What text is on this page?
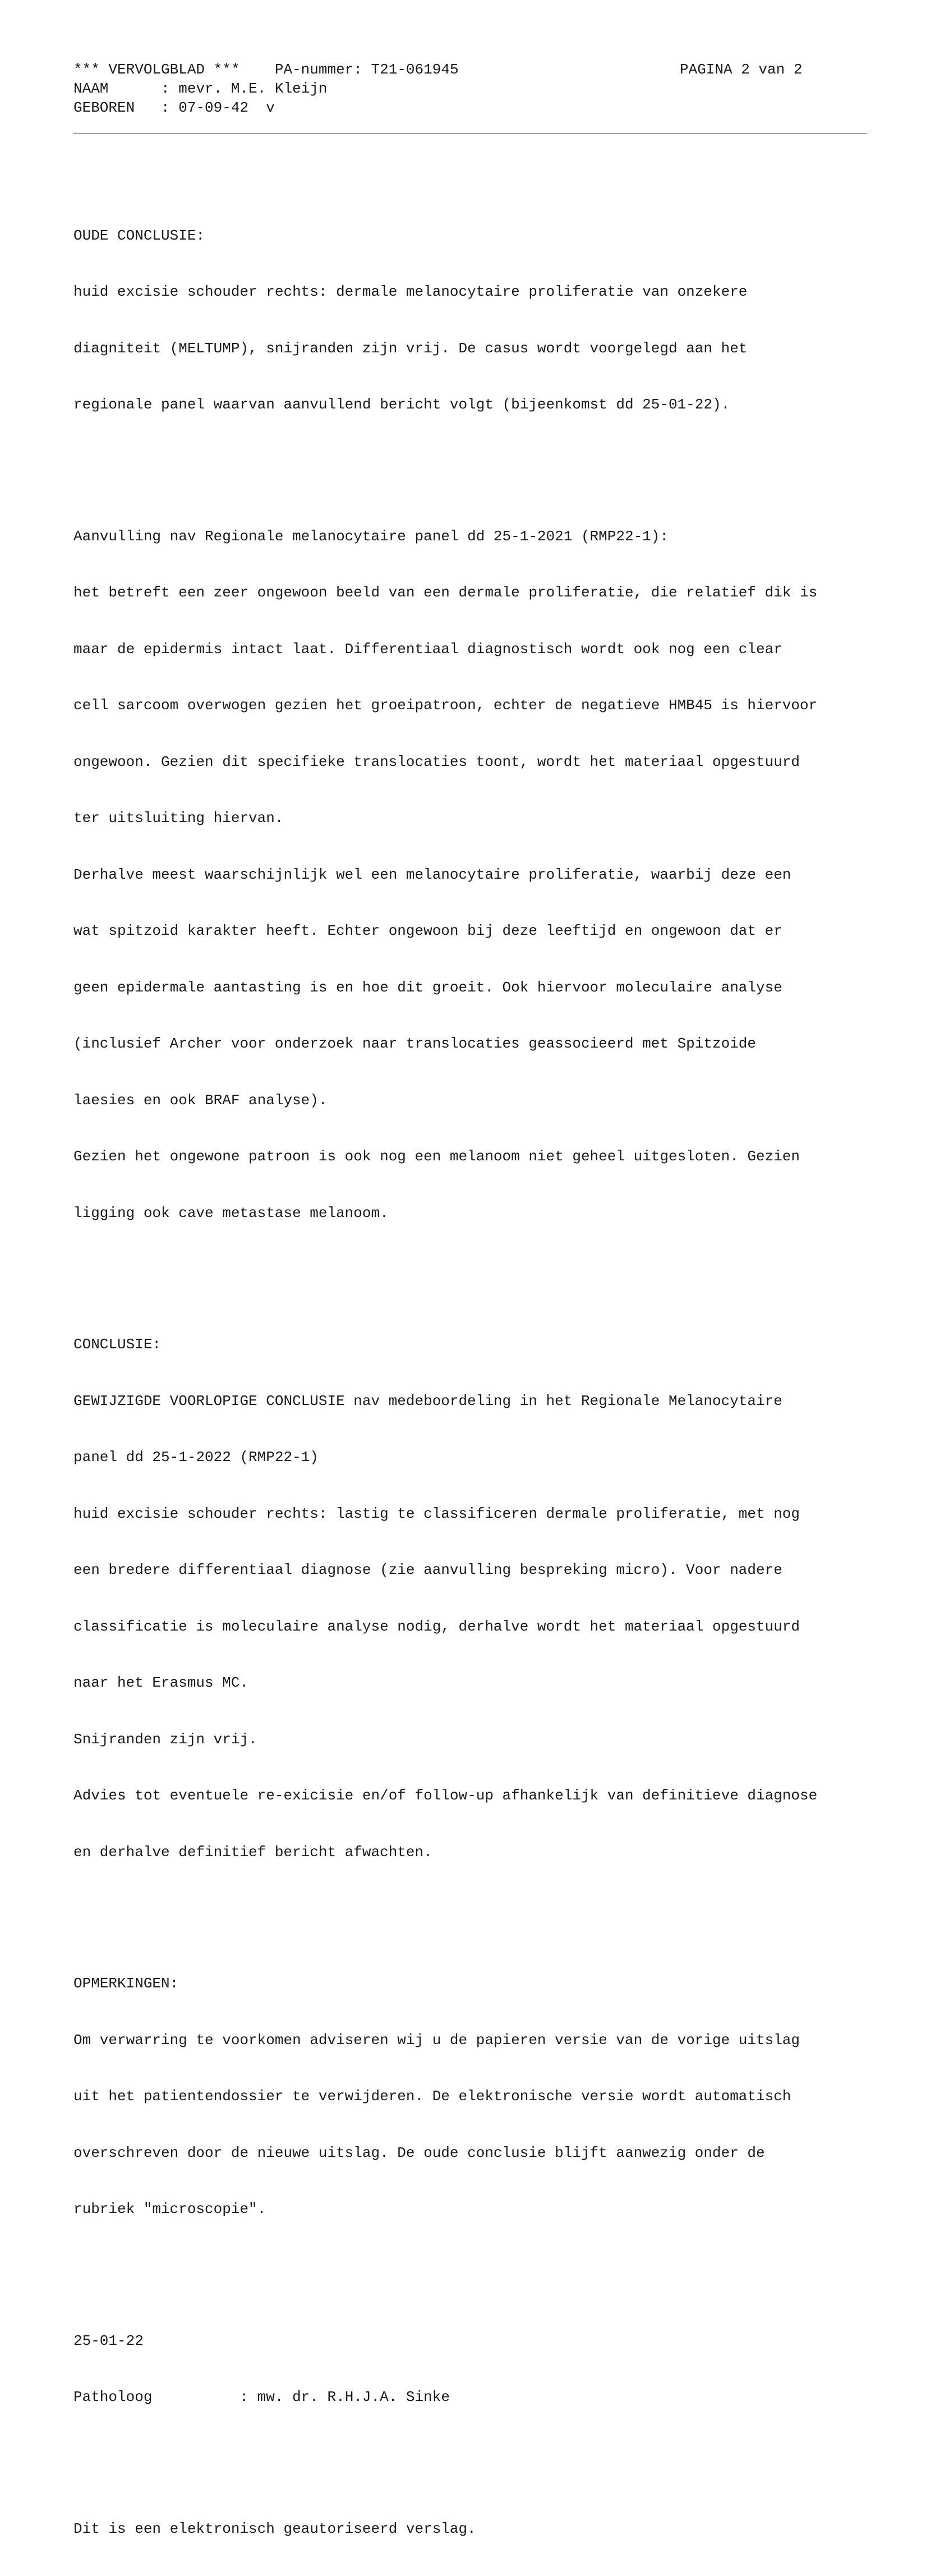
*** VERVOLGBLAD *** PA-nummer: T21-061945	PAGINA 2 van 2
NAAM	: mevr. M.E. Kleijn
GEBOREN : 07-09-42  v

OUDE CONCLUSIE:

huid excisie schouder rechts: dermale melanocytaire proliferatie van onzekere

diagniteit (MELTUMP), snijranden zijn vrij. De casus wordt voorgelegd aan het

regionale panel waarvan aanvullend bericht volgt (bijeenkomst dd 25-01-22).

Aanvulling nav Regionale melanocytaire panel dd 25-1-2021 (RMP22-1):

het betreft een zeer ongewoon beeld van een dermale proliferatie, die relatief dik is

maar de epidermis intact laat. Differentiaal diagnostisch wordt ook nog een clear

cell sarcoom overwogen gezien het groeipatroon, echter de negatieve HMB45 is hiervoor

ongewoon. Gezien dit specifieke translocaties toont, wordt het materiaal opgestuurd

ter uitsluiting hiervan.

Derhalve meest waarschijnlijk wel een melanocytaire proliferatie, waarbij deze een

wat spitzoid karakter heeft. Echter ongewoon bij deze leeftijd en ongewoon dat er

geen epidermale aantasting is en hoe dit groeit. Ook hiervoor moleculaire analyse

(inclusief Archer voor onderzoek naar translocaties geassocieerd met Spitzoide

laesies en ook BRAF analyse).

Gezien het ongewone patroon is ook nog een melanoom niet geheel uitgesloten. Gezien

ligging ook cave metastase melanoom.

CONCLUSIE:

GEWIJZIGDE VOORLOPIGE CONCLUSIE nav medeboordeling in het Regionale Melanocytaire

panel dd 25-1-2022 (RMP22-1)

huid excisie schouder rechts: lastig te classificeren dermale proliferatie, met nog

een bredere differentiaal diagnose (zie aanvulling bespreking micro). Voor nadere

classificatie is moleculaire analyse nodig, derhalve wordt het materiaal opgestuurd

naar het Erasmus MC.

Snijranden zijn vrij.

Advies tot eventuele re-exicisie en/of follow-up afhankelijk van definitieve diagnose

en derhalve definitief bericht afwachten.

OPMERKINGEN:

Om verwarring te voorkomen adviseren wij u de papieren versie van de vorige uitslag

uit het patientendossier te verwijderen. De elektronische versie wordt automatisch

overschreven door de nieuwe uitslag. De oude conclusie blijft aanwezig onder de

rubriek "microscopie".

25-01-22

Patholoog	: mw. dr. R.H.J.A. Sinke

Dit is een elektronisch geautoriseerd verslag.
